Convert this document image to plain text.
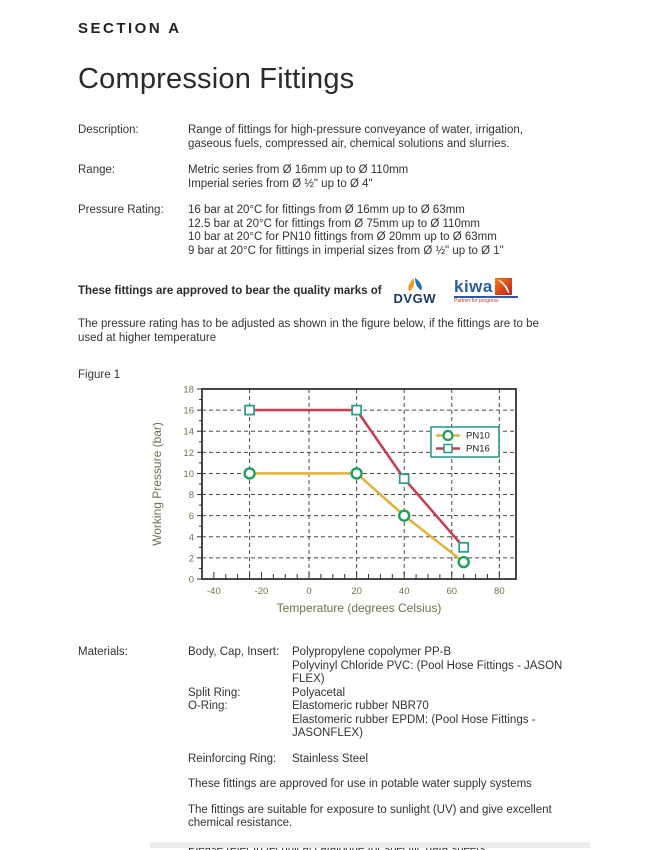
SECTION A
Compression Fittings
Description:	Range of fittings for high-pressure conveyance of water, irrigation,
gaseous fuels, compressed air, chemical solutions and slurries.
Range:	Metric series from Ø 16mm up to Ø 110mm
Imperial series from Ø ½" up to Ø 4"
Pressure Rating:	16 bar at 20°C for fittings from Ø 16mm up to Ø 63mm
12.5 bar at 20°C for fittings from Ø 75mm up to Ø 110mm
10 bar at 20°C for PN10 fittings from Ø 20mm up to Ø 63mm
9 bar at 20°C for fittings in imperial sizes from Ø ½" up to Ø 1"
These fittings are approved to bear the quality marks of DVGW
kiwa
Partner for progress
The pressure rating has to be adjusted as shown in the figure below, if the fittings are to be
used at higher temperature
Figure 1
-40	-20	0	20	40	60	80
0
2
4
6
8
10
12
14
16
18
PN10
PN16
Temperature (degrees Celsius)
Working Pressure (bar)
Materials:	Body, Cap, Insert:	Polypropylene copolymer PP-B
Polyvinyl Chloride PVC: (Pool Hose Fittings - JASON
FLEX)
Split Ring:	Polyacetal
O-Ring:	Elastomeric rubber NBR70
Elastomeric rubber EPDM: (Pool Hose Fittings -
JASONFLEX)
Reinforcing Ring:	Stainless Steel
These fittings are approved for use in potable water supply systems
The fittings are suitable for exposure to sunlight (UV) and give excellent
chemical resistance.
